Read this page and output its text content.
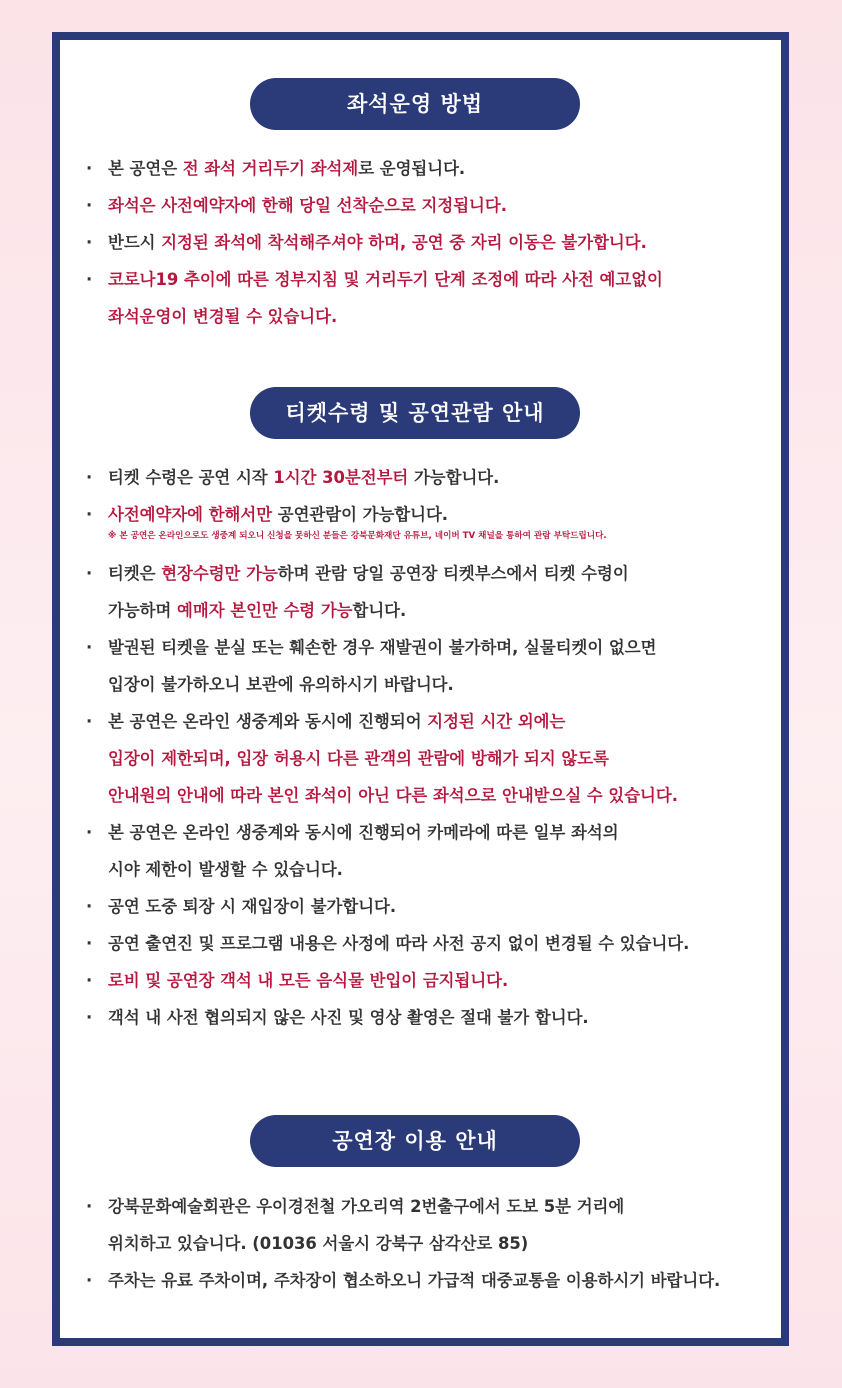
좌석운영 방법
· 본 공연은 전 좌석 거리두기 좌석제로 운영됩니다.
· 좌석은 사전예약자에 한해 당일 선착순으로 지정됩니다.
· 반드시 지정된 좌석에 착석해주셔야 하며, 공연 중 자리 이동은 불가합니다.
· 코로나19 추이에 따른 정부지침 및 거리두기 단계 조정에 따라 사전 예고없이
좌석운영이 변경될 수 있습니다.
티켓수령 및 공연관람 안내
· 티켓 수령은 공연 시작 1시간 30분전부터 가능합니다.
· 사전예약자에 한해서만 공연관람이 가능합니다.
※ 본 공연은 온라인으로도 생중계 되오니 신청을 못하신 분들은 강북문화재단 유튜브, 네이버 TV 채널을 통하여 관람 부탁드립니다.
· 티켓은 현장수령만 가능하며 관람 당일 공연장 티켓부스에서 티켓 수령이
가능하며 예매자 본인만 수령 가능합니다.
· 발권된 티켓을 분실 또는 훼손한 경우 재발권이 불가하며, 실물티켓이 없으면
입장이 불가하오니 보관에 유의하시기 바랍니다.
· 본 공연은 온라인 생중계와 동시에 진행되어 지정된 시간 외에는
입장이 제한되며, 입장 허용시 다른 관객의 관람에 방해가 되지 않도록
안내원의 안내에 따라 본인 좌석이 아닌 다른 좌석으로 안내받으실 수 있습니다.
· 본 공연은 온라인 생중계와 동시에 진행되어 카메라에 따른 일부 좌석의
시야 제한이 발생할 수 있습니다.
· 공연 도중 퇴장 시 재입장이 불가합니다.
· 공연 출연진 및 프로그램 내용은 사정에 따라 사전 공지 없이 변경될 수 있습니다.
· 로비 및 공연장 객석 내 모든 음식물 반입이 금지됩니다.
· 객석 내 사전 협의되지 않은 사진 및 영상 촬영은 절대 불가 합니다.
공연장 이용 안내
· 강북문화예술회관은 우이경전철 가오리역 2번출구에서 도보 5분 거리에
위치하고 있습니다. (01036 서울시 강북구 삼각산로 85)
· 주차는 유료 주차이며, 주차장이 협소하오니 가급적 대중교통을 이용하시기 바랍니다.
